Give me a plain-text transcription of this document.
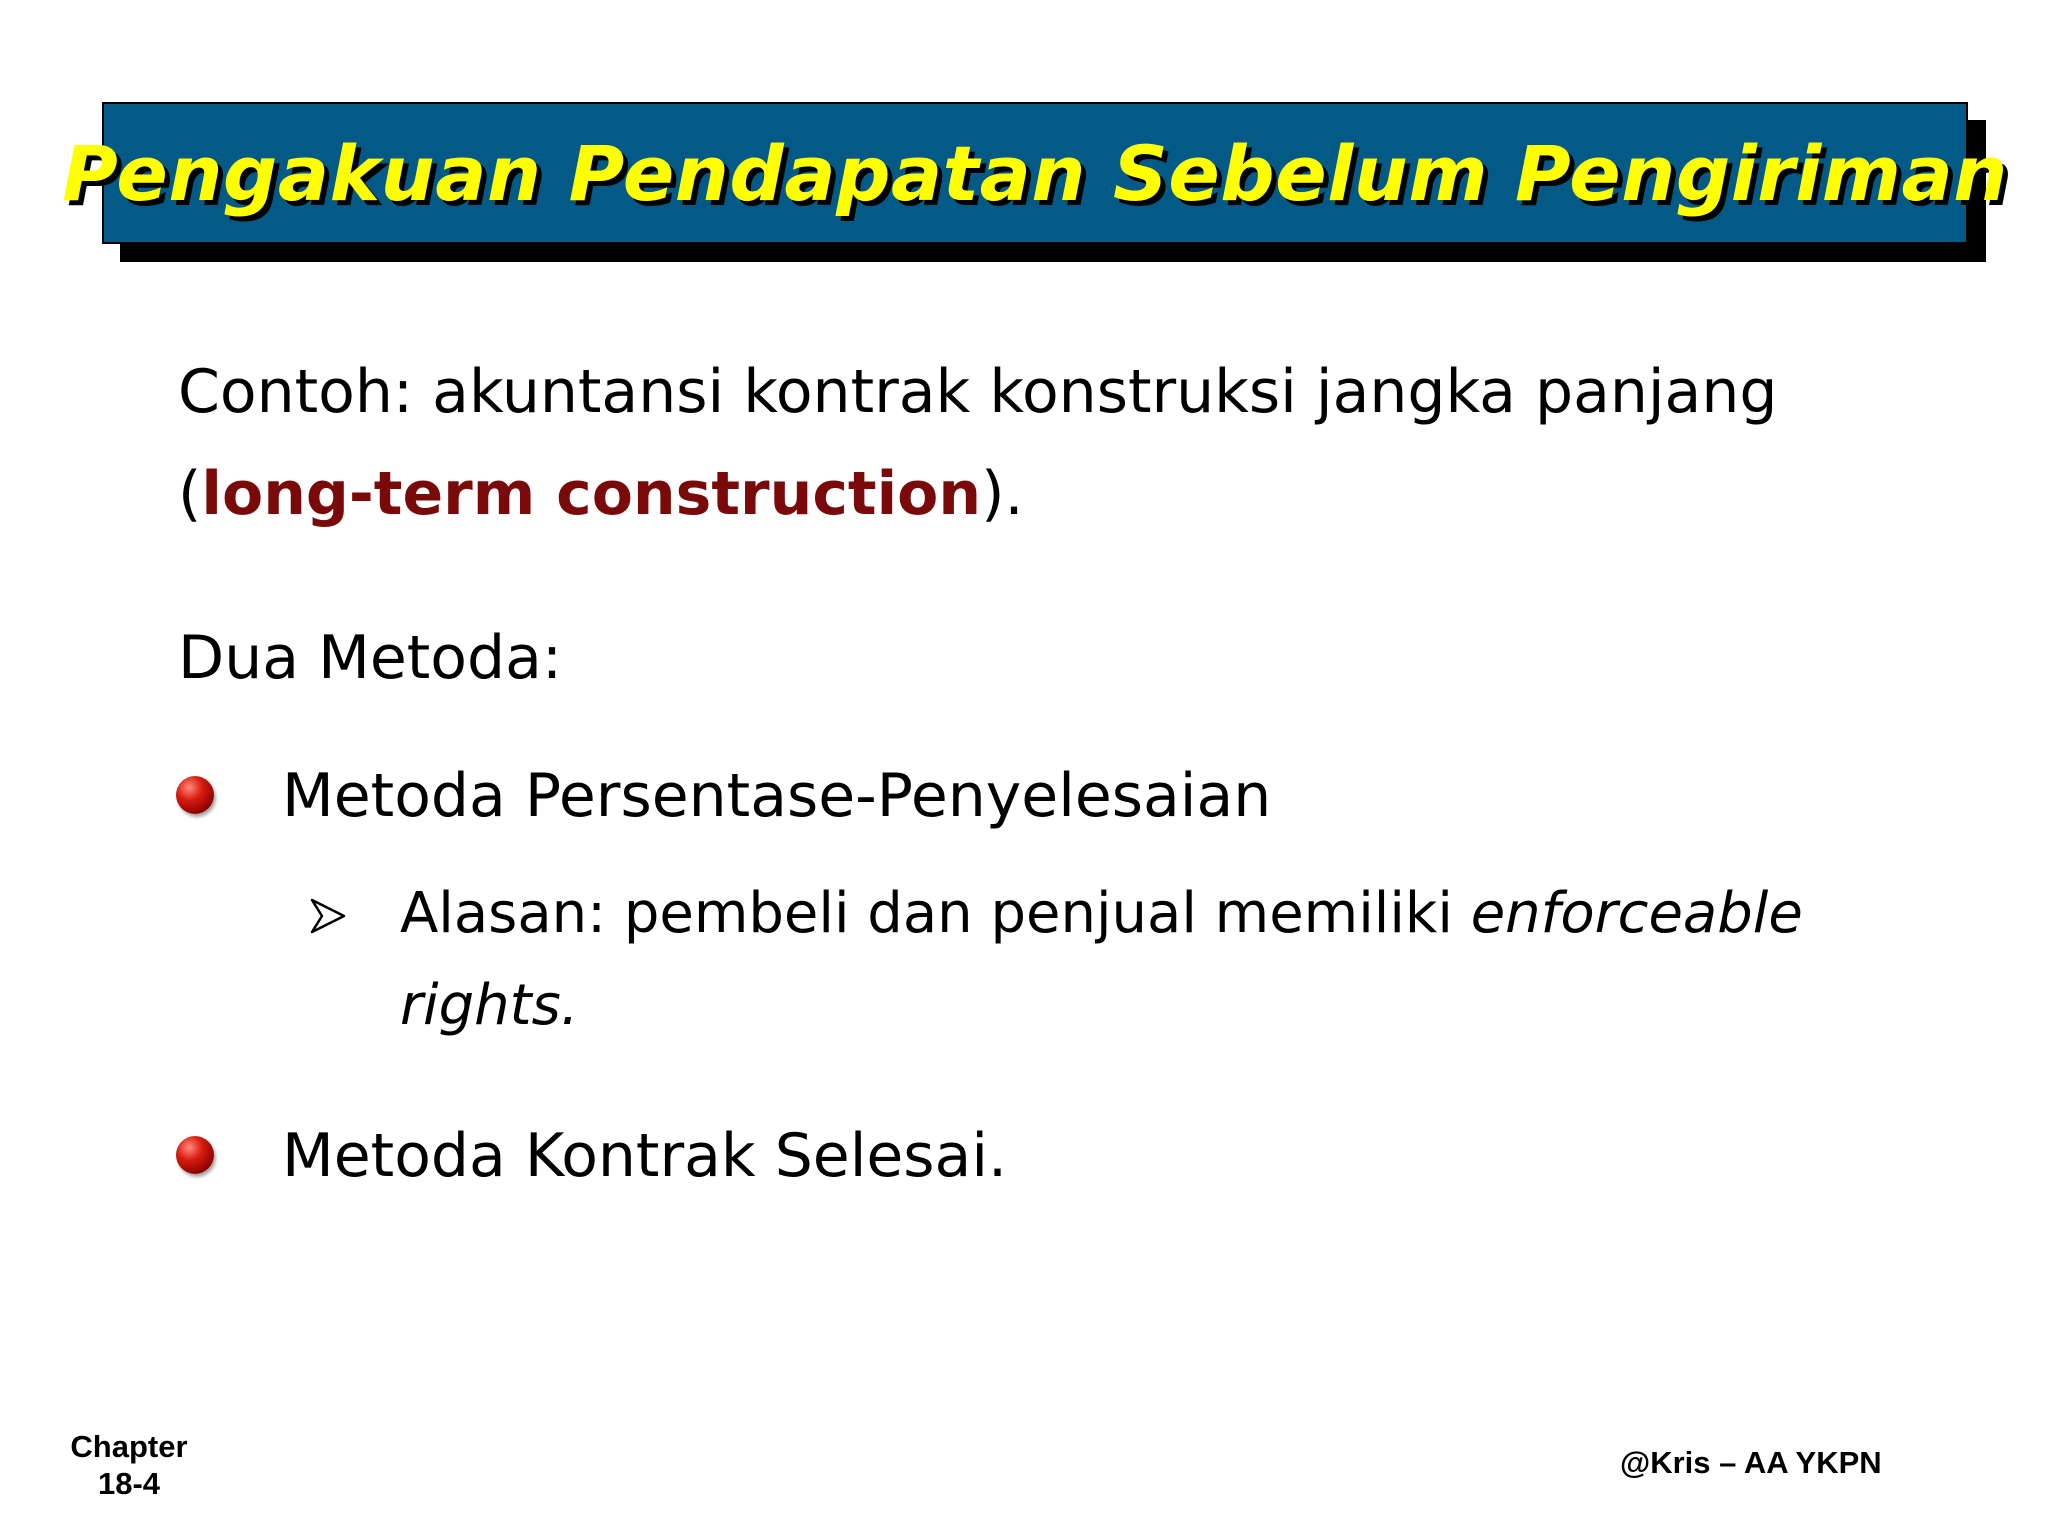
Pengakuan Pendapatan Sebelum Pengiriman
Contoh: akuntansi kontrak konstruksi jangka panjang
(long-term construction).
Dua Metoda:
Metoda Persentase-Penyelesaian
Alasan: pembeli dan penjual memiliki enforceable
rights.
Metoda Kontrak Selesai.
Chapter
18-4
@Kris – AA YKPN
